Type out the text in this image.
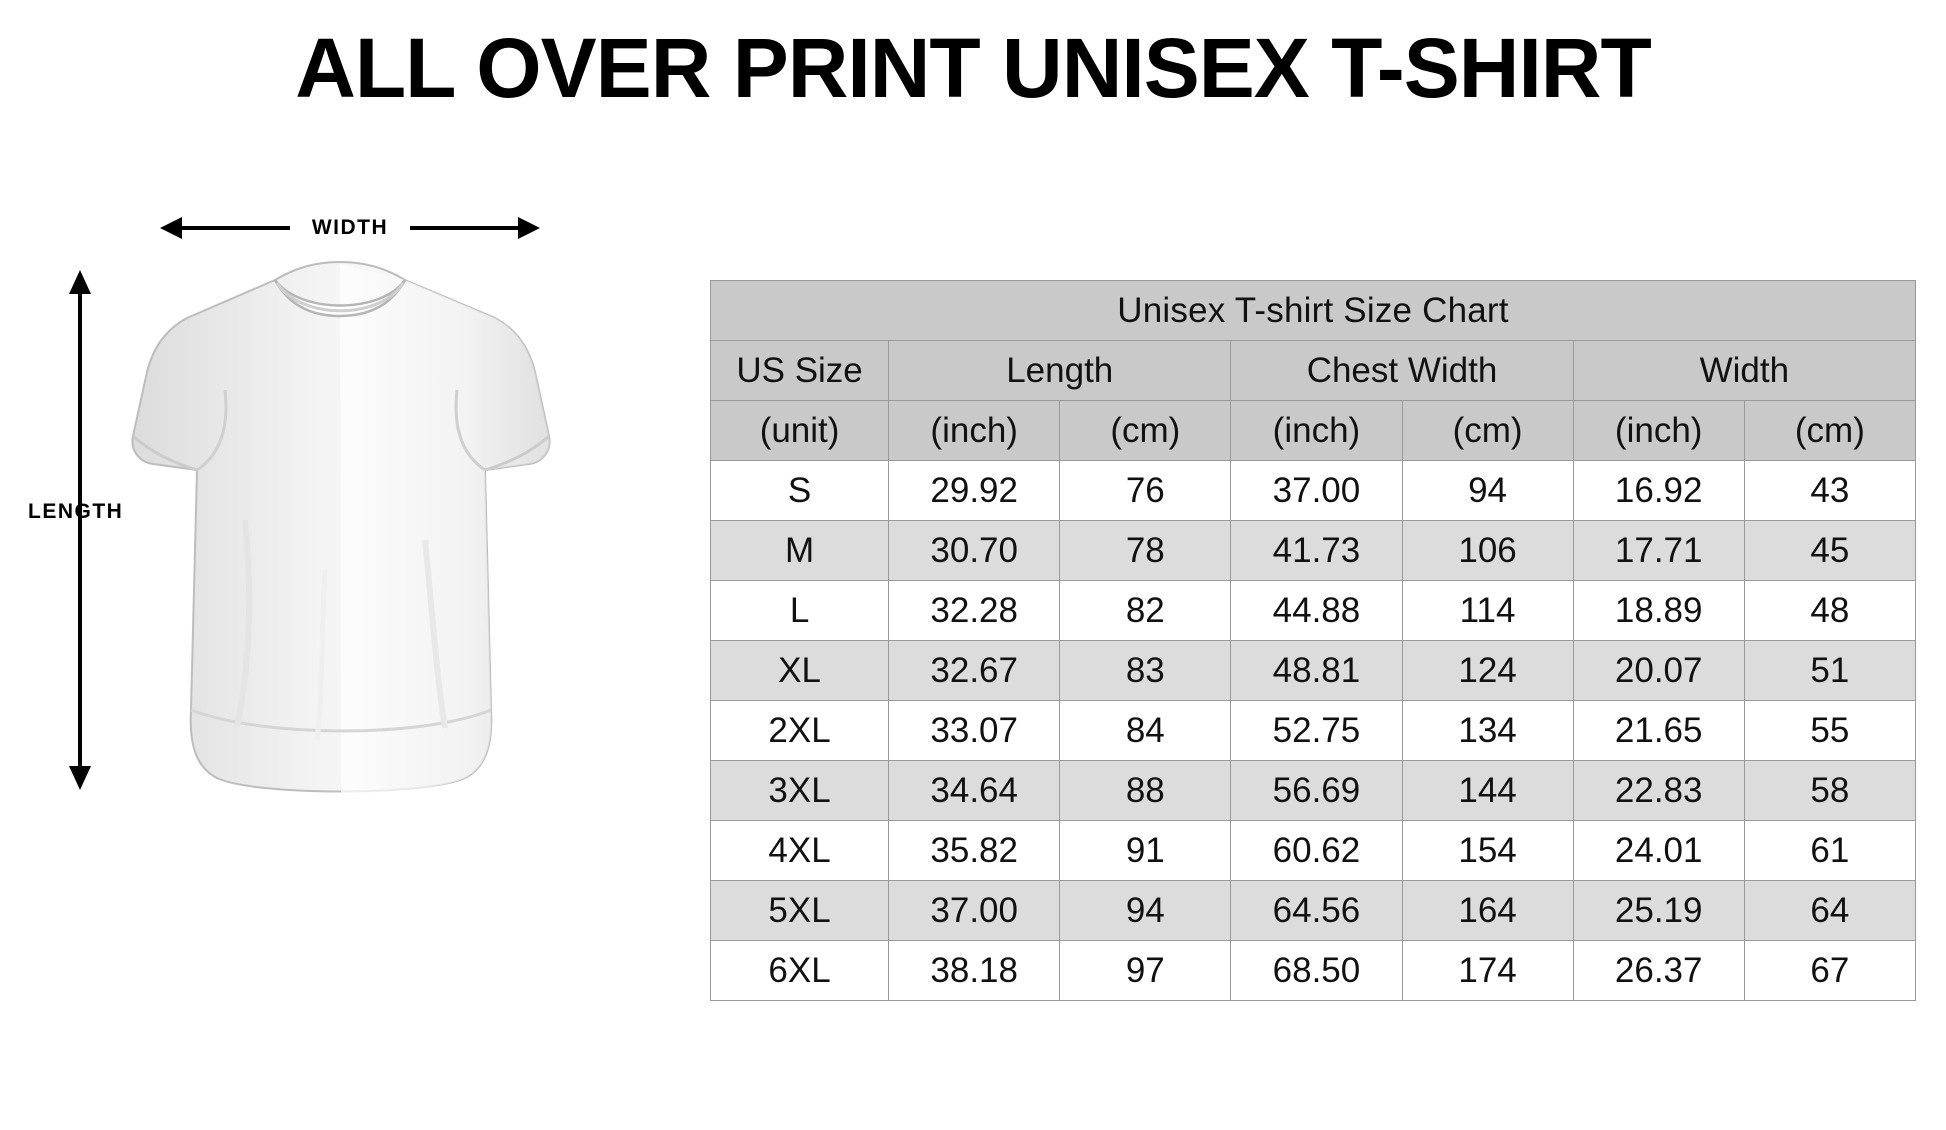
ALL OVER PRINT UNISEX T-SHIRT
WIDTH
LENGTH

Unisex T-shirt Size Chart						
US Size	Length		Chest Width		Width	
(unit)	(inch)	(cm)	(inch)	(cm)	(inch)	(cm)
S	29.92	76	37.00	94	16.92	43
M	30.70	78	41.73	106	17.71	45
L	32.28	82	44.88	114	18.89	48
XL	32.67	83	48.81	124	20.07	51
2XL	33.07	84	52.75	134	21.65	55
3XL	34.64	88	56.69	144	22.83	58
4XL	35.82	91	60.62	154	24.01	61
5XL	37.00	94	64.56	164	25.19	64
6XL	38.18	97	68.50	174	26.37	67
